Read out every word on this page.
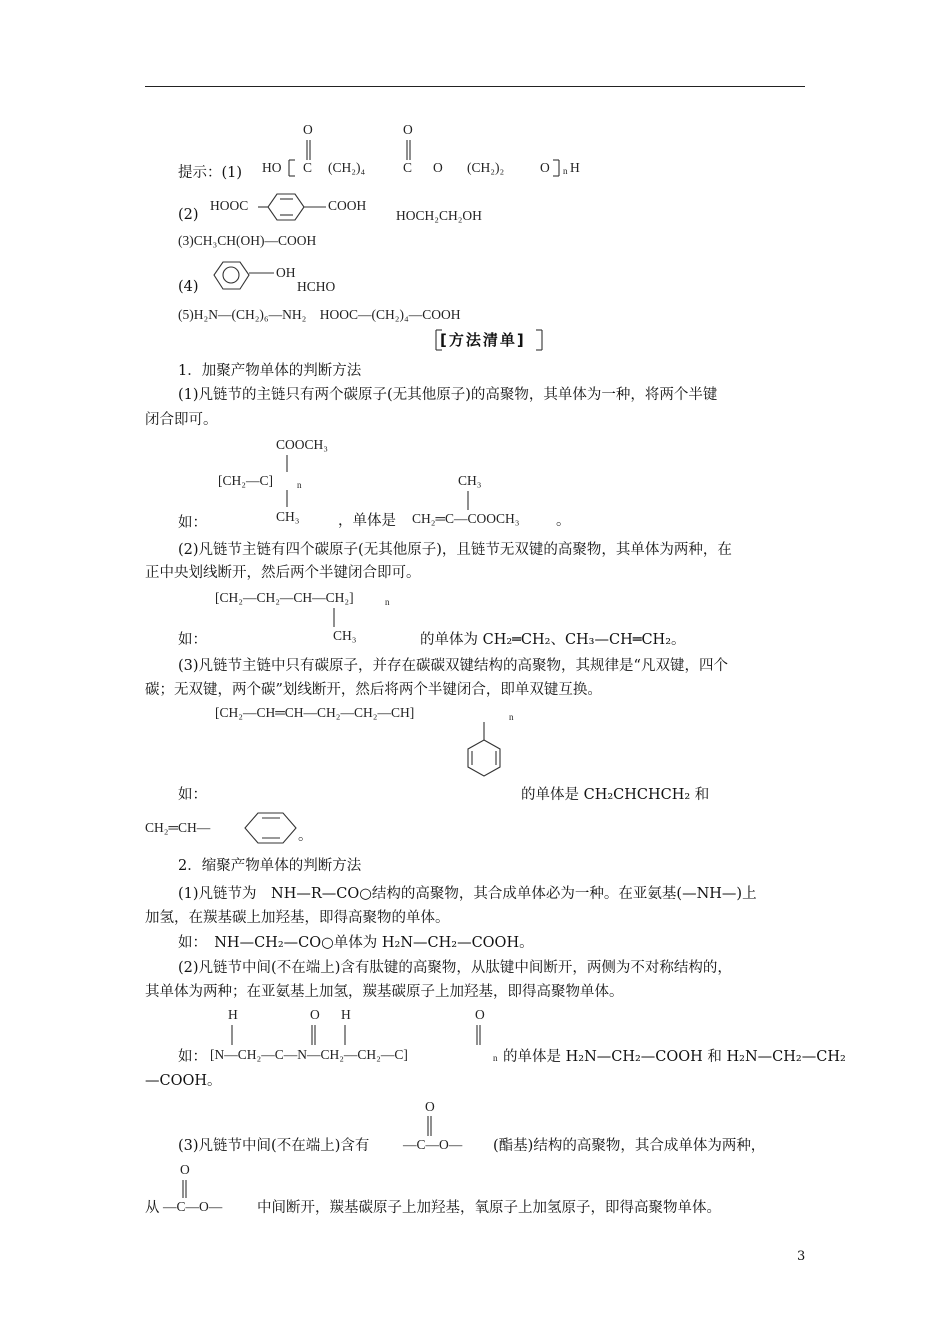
提示：(1)
O	O
HO C (CH₂)₄	C O (CH₂)₂	O n H
(2)
HOOC	COOH
HOCH₂CH₂OH
(3)CH₃CH(OH)—COOH
(4)
OH
HCHO
(5)H₂N—(CH₂)₆—NH₂　HOOC—(CH₂)₄—COOH
[方法清单]
1．加聚产物单体的判断方法
(1)凡链节的主链只有两个碳原子(无其他原子)的高聚物，其单体为一种，将两个半键
闭合即可。
COOCH₃
[CH₂—C]	n
CH₃
如：	，单体是
CH₃
CH₂═C—COOCH₃	。
(2)凡链节主链有四个碳原子(无其他原子)，且链节无双键的高聚物，其单体为两种，在
正中央划线断开，然后两个半键闭合即可。
[CH₂—CH₂—CH—CH₂]	n
CH₃
如：	的单体为 CH₂═CH₂、CH₃—CH═CH₂。
(3)凡链节主链中只有碳原子，并存在碳碳双键结构的高聚物，其规律是“凡双键，四个
碳；无双键，两个碳”划线断开，然后将两个半键闭合，即单双键互换。
[CH₂—CH═CH—CH₂—CH₂—CH]	n
如：	的单体是 CH₂CHCHCH₂ 和
CH₂═CH—
。
2．缩聚产物单体的判断方法
(1)凡链节为　NH—R—CO○结构的高聚物，其合成单体必为一种。在亚氨基(—NH—)上
加氢，在羰基碳上加羟基，即得高聚物的单体。
如：　NH—CH₂—CO○单体为 H₂N—CH₂—COOH。
(2)凡链节中间(不在端上)含有肽键的高聚物，从肽键中间断开，两侧为不对称结构的，
其单体为两种；在亚氨基上加氢，羰基碳原子上加羟基，即得高聚物单体。
H	O H	O
如： [N—CH₂—C—N—CH₂—CH₂—C]	n 的单体是 H₂N—CH₂—COOH 和 H₂N—CH₂—CH₂
—COOH。
O
(3)凡链节中间(不在端上)含有 —C—O— (酯基)结构的高聚物，其合成单体为两种，
O
从 —C—O— 中间断开，羰基碳原子上加羟基，氧原子上加氢原子，即得高聚物单体。
3
